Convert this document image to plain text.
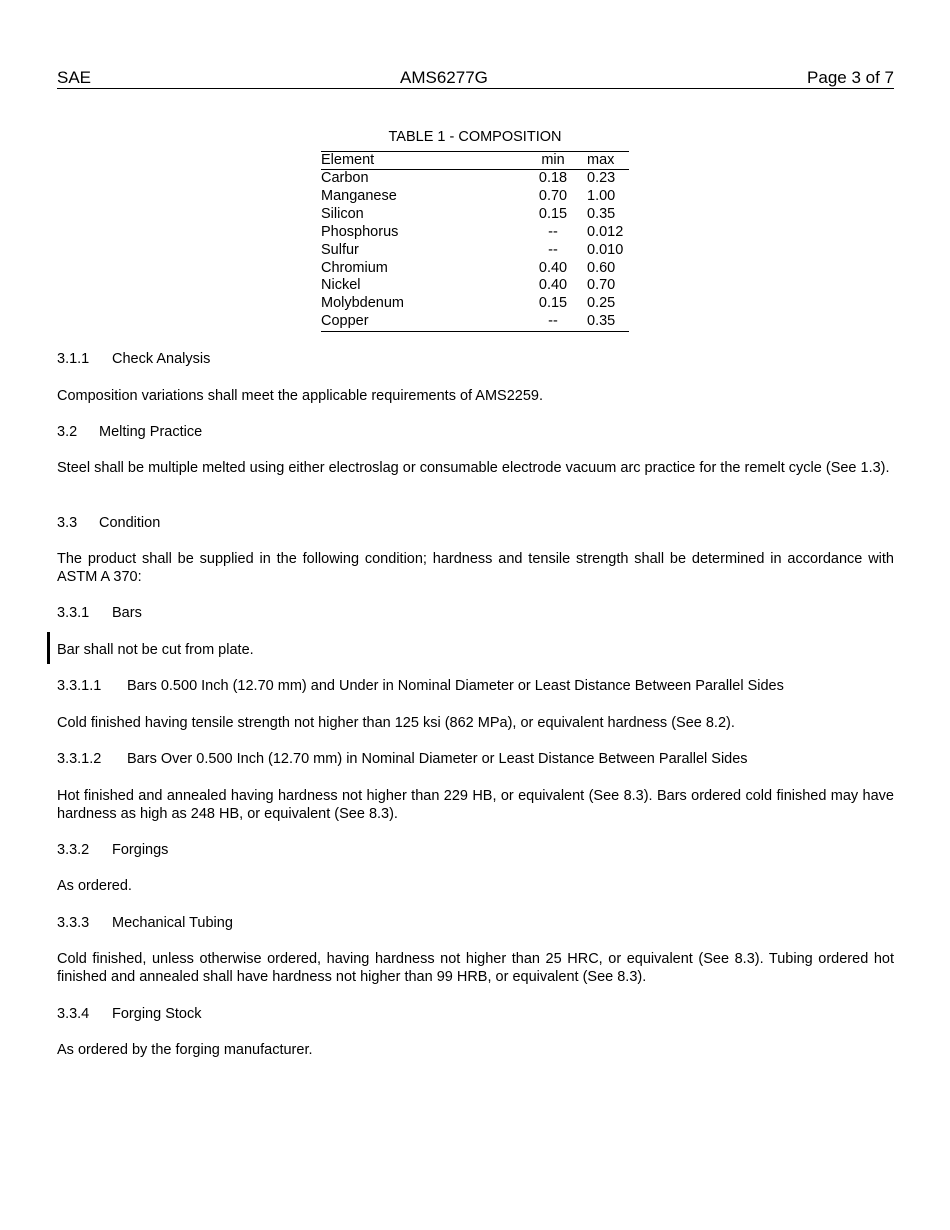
SAE	AMS6277G	Page 3 of 7
TABLE 1 - COMPOSITION
Element	min	max
Carbon	0.18	0.23
Manganese	0.70	1.00
Silicon	0.15	0.35
Phosphorus	--	0.012
Sulfur	--	0.010
Chromium	0.40	0.60
Nickel	0.40	0.70
Molybdenum	0.15	0.25
Copper	--	0.35
3.1.1 Check Analysis
Composition variations shall meet the applicable requirements of AMS2259.
3.2 Melting Practice
Steel shall be multiple melted using either electroslag or consumable electrode vacuum arc practice for the remelt cycle (See 1.3).
3.3 Condition
The product shall be supplied in the following condition; hardness and tensile strength shall be determined in accordance with ASTM A 370:
3.3.1 Bars
Bar shall not be cut from plate.
3.3.1.1 Bars 0.500 Inch (12.70 mm) and Under in Nominal Diameter or Least Distance Between Parallel Sides
Cold finished having tensile strength not higher than 125 ksi (862 MPa), or equivalent hardness (See 8.2).
3.3.1.2 Bars Over 0.500 Inch (12.70 mm) in Nominal Diameter or Least Distance Between Parallel Sides
Hot finished and annealed having hardness not higher than 229 HB, or equivalent (See 8.3). Bars ordered cold finished may have hardness as high as 248 HB, or equivalent (See 8.3).
3.3.2 Forgings
As ordered.
3.3.3 Mechanical Tubing
Cold finished, unless otherwise ordered, having hardness not higher than 25 HRC, or equivalent (See 8.3). Tubing ordered hot finished and annealed shall have hardness not higher than 99 HRB, or equivalent (See 8.3).
3.3.4 Forging Stock
As ordered by the forging manufacturer.
